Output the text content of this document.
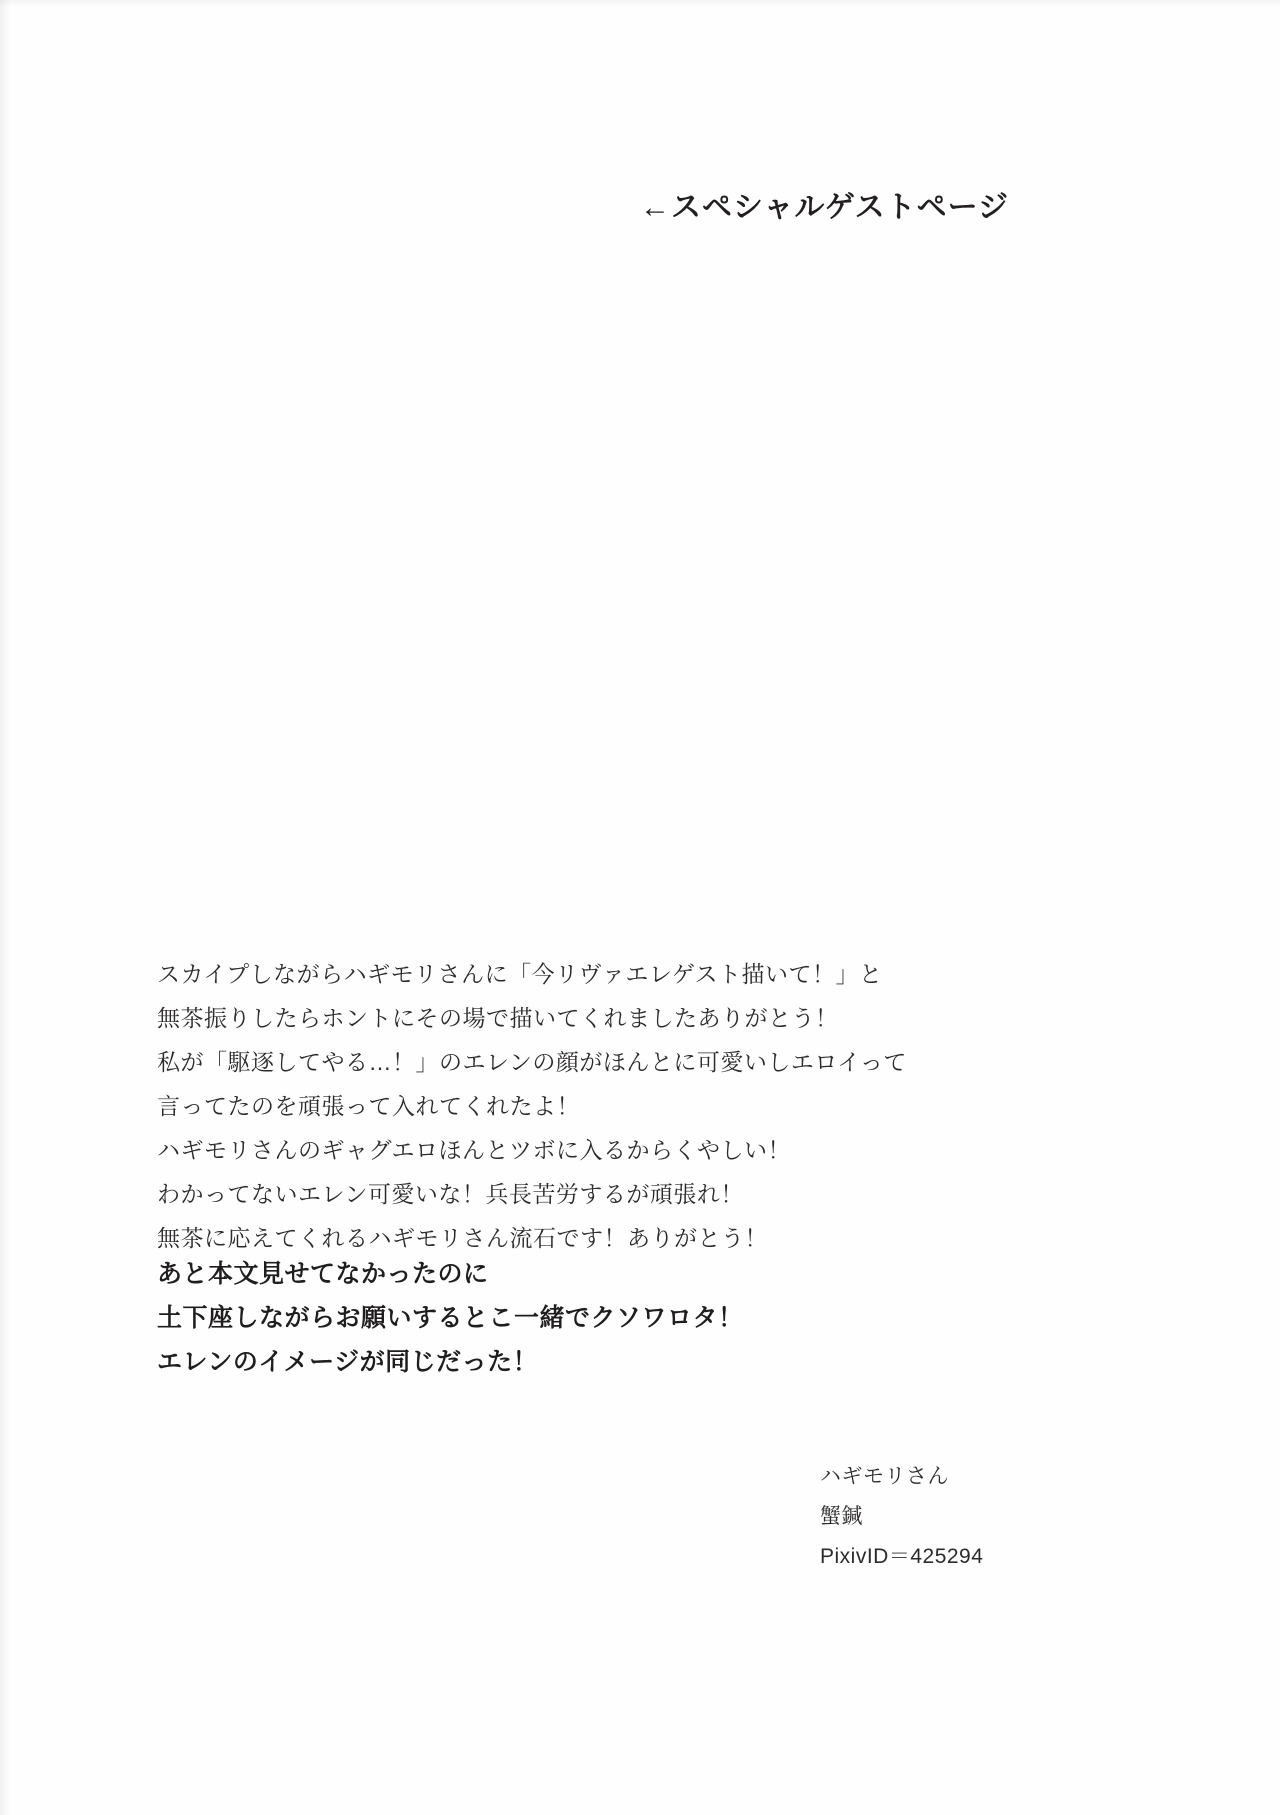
←スペシャルゲストページ
スカイプしながらハギモリさんに「今リヴァエレゲスト描いて！」と
無茶振りしたらホントにその場で描いてくれましたありがとう！
私が「駆逐してやる…！」のエレンの顔がほんとに可愛いしエロイって
言ってたのを頑張って入れてくれたよ！
ハギモリさんのギャグエロほんとツボに入るからくやしい！
わかってないエレン可愛いな！兵長苦労するが頑張れ！
無茶に応えてくれるハギモリさん流石です！ありがとう！
あと本文見せてなかったのに
土下座しながらお願いするとこ一緒でクソワロタ！
エレンのイメージが同じだった！
ハギモリさん
蟹鍼
PixivID＝425294
